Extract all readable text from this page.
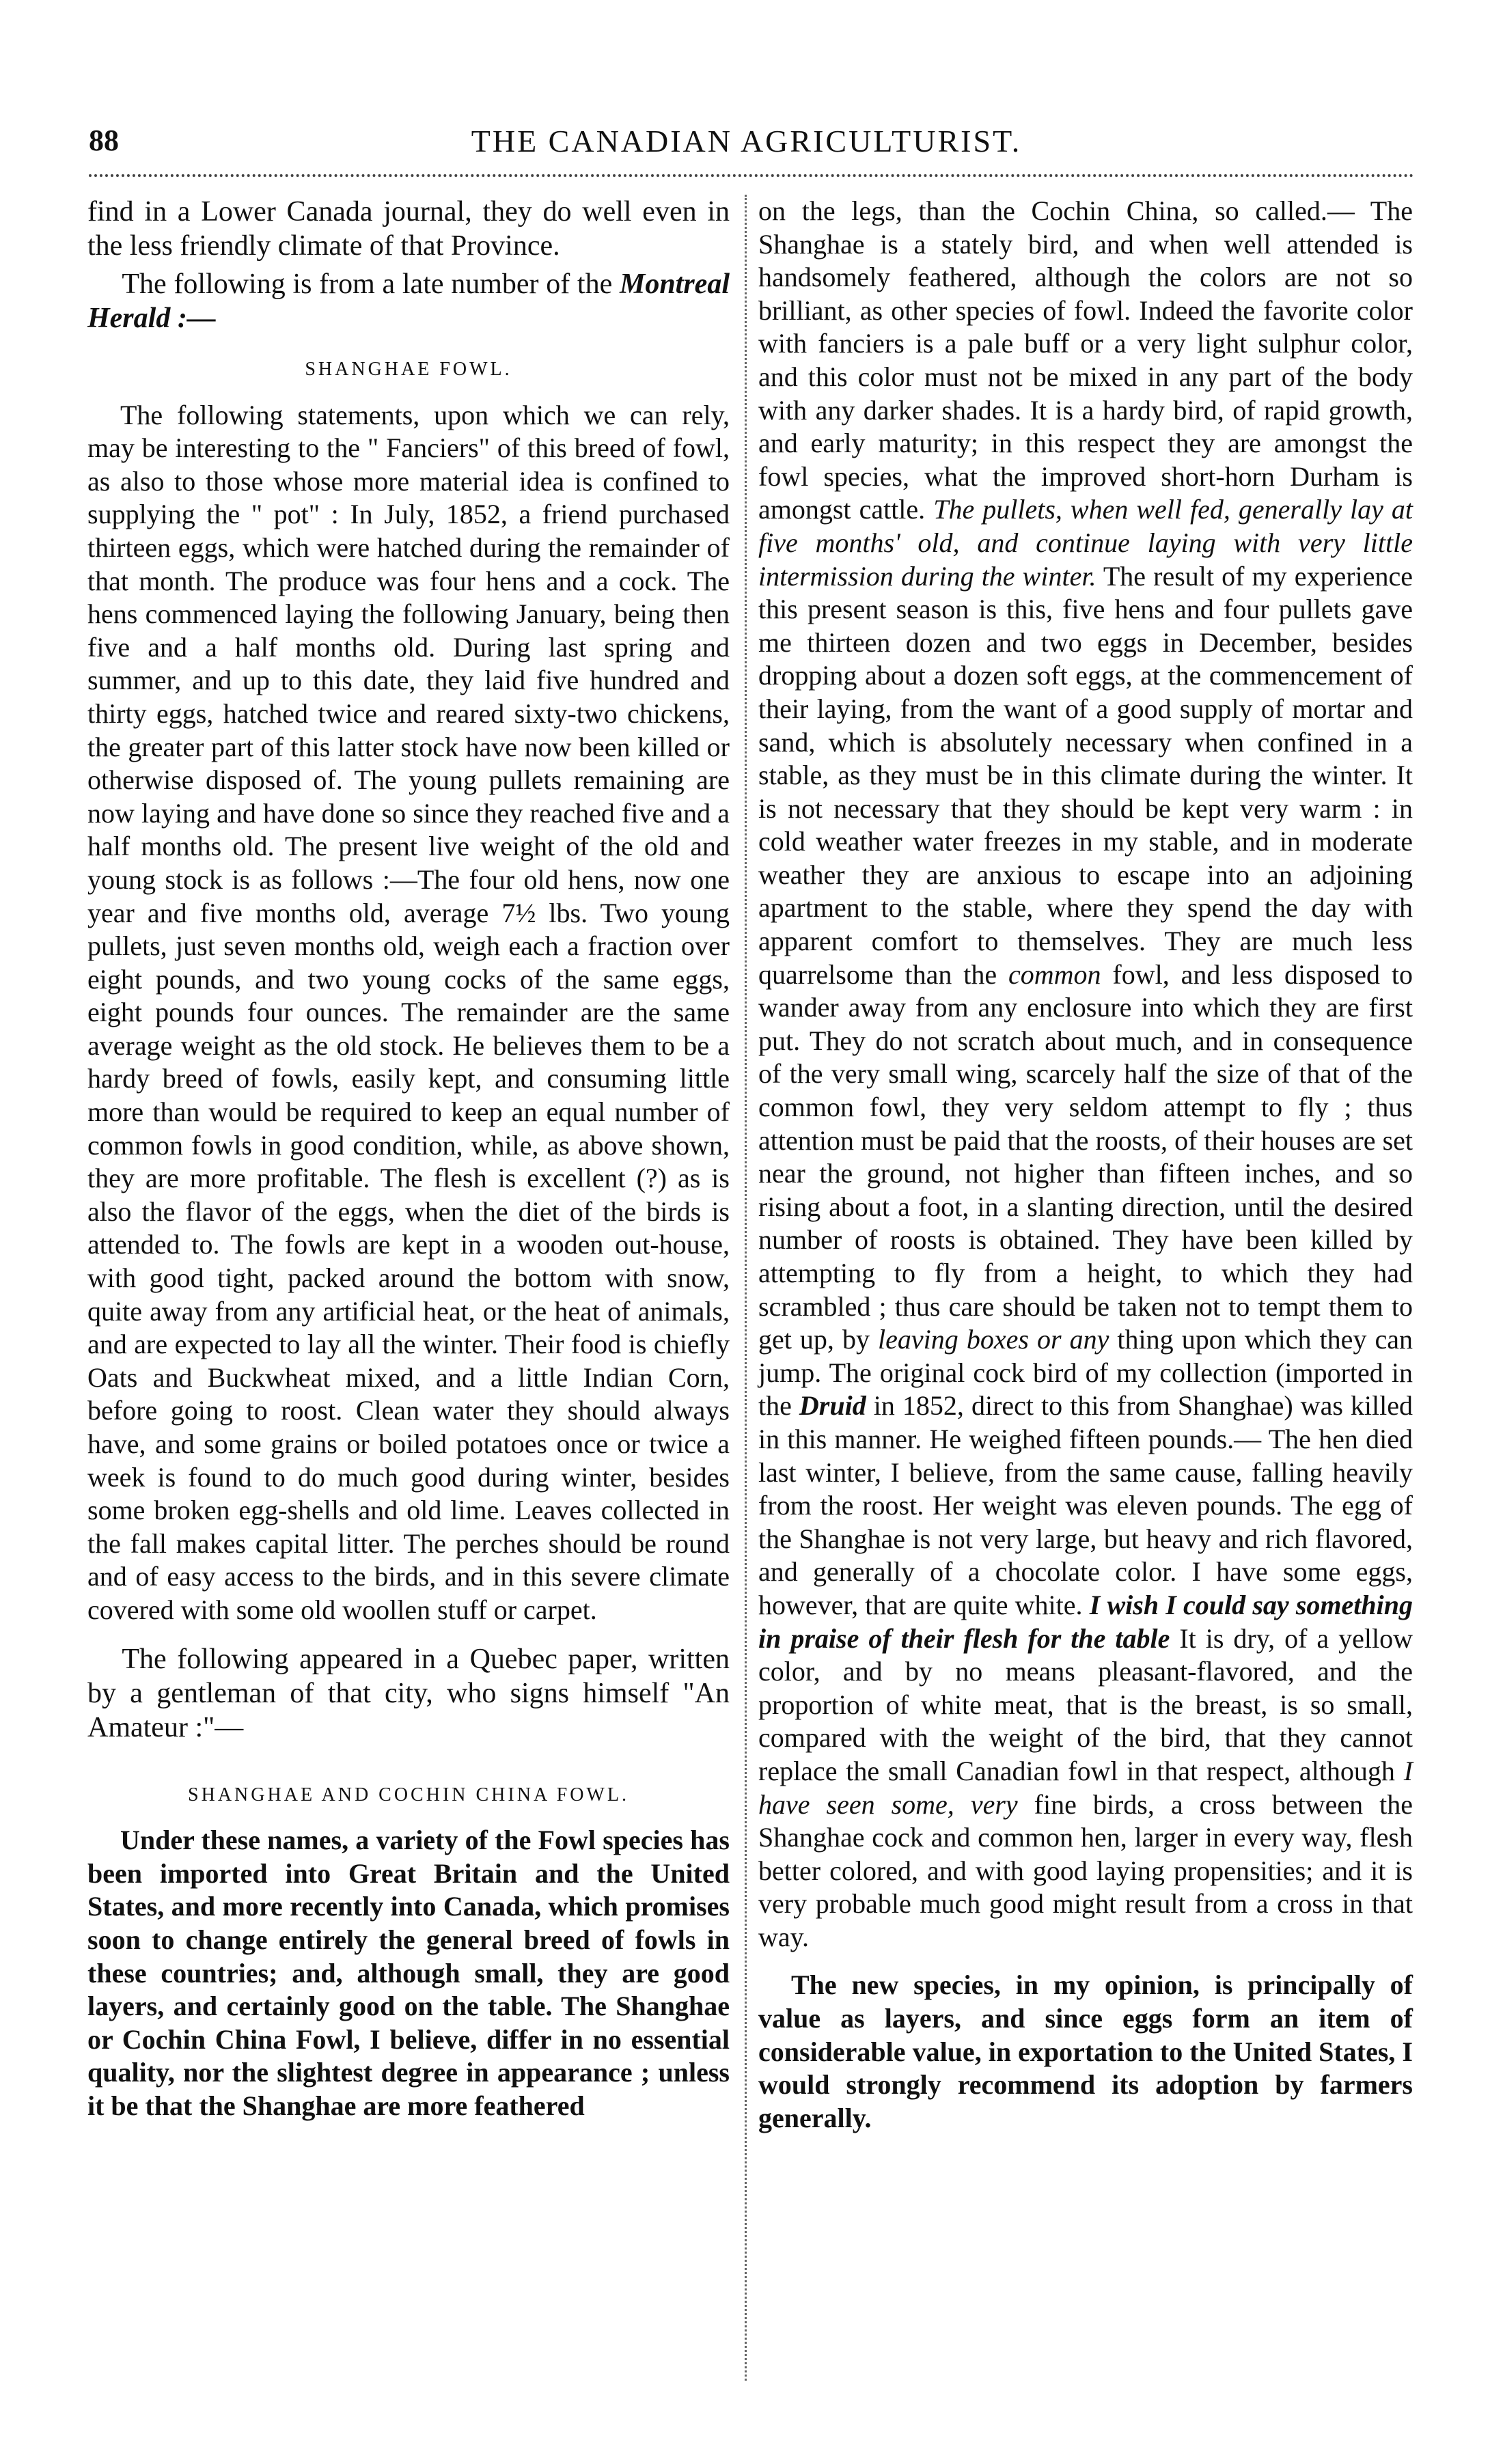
88	THE CANADIAN AGRICULTURIST.

find in a Lower Canada journal, they do well even in the less friendly climate of that Province.

The following is from a late number of the Montreal Herald :—

SHANGHAE FOWL.

The following statements, upon which we can rely, may be interesting to the " Fanciers" of this breed of fowl, as also to those whose more material idea is confined to supplying the " pot" : In July, 1852, a friend purchased thirteen eggs, which were hatched during the remainder of that month. The produce was four hens and a cock. The hens commenced laying the following January, being then five and a half months old. During last spring and summer, and up to this date, they laid five hundred and thirty eggs, hatched twice and reared sixty-two chickens, the greater part of this latter stock have now been killed or otherwise disposed of. The young pullets remaining are now laying and have done so since they reached five and a half months old. The present live weight of the old and young stock is as follows :—The four old hens, now one year and five months old, average 7½ lbs. Two young pullets, just seven months old, weigh each a fraction over eight pounds, and two young cocks of the same eggs, eight pounds four ounces. The remainder are the same average weight as the old stock. He believes them to be a hardy breed of fowls, easily kept, and consuming little more than would be required to keep an equal number of common fowls in good condition, while, as above shown, they are more profitable. The flesh is excellent (?) as is also the flavor of the eggs, when the diet of the birds is attended to. The fowls are kept in a wooden out-house, with good tight, packed around the bottom with snow, quite away from any artificial heat, or the heat of animals, and are expected to lay all the winter. Their food is chiefly Oats and Buckwheat mixed, and a little Indian Corn, before going to roost. Clean water they should always have, and some grains or boiled potatoes once or twice a week is found to do much good during winter, besides some broken egg-shells and old lime. Leaves collected in the fall makes capital litter. The perches should be round and of easy access to the birds, and in this severe climate covered with some old woollen stuff or carpet.

The following appeared in a Quebec paper, written by a gentleman of that city, who signs himself "An Amateur :"—

SHANGHAE AND COCHIN CHINA FOWL.

Under these names, a variety of the Fowl species has been imported into Great Britain and the United States, and more recently into Canada, which promises soon to change entirely the general breed of fowls in these countries; and, although small, they are good layers, and certainly good on the table. The Shanghae or Cochin China Fowl, I believe, differ in no essential quality, nor the slightest degree in appearance ; unless it be that the Shanghae are more feathered

on the legs, than the Cochin China, so called.— The Shanghae is a stately bird, and when well attended is handsomely feathered, although the colors are not so brilliant, as other species of fowl. Indeed the favorite color with fanciers is a pale buff or a very light sulphur color, and this color must not be mixed in any part of the body with any darker shades. It is a hardy bird, of rapid growth, and early maturity; in this respect they are amongst the fowl species, what the improved short-horn Durham is amongst cattle. The pullets, when well fed, generally lay at five months' old, and continue laying with very little intermission during the winter. The result of my experience this present season is this, five hens and four pullets gave me thirteen dozen and two eggs in December, besides dropping about a dozen soft eggs, at the commencement of their laying, from the want of a good supply of mortar and sand, which is absolutely necessary when confined in a stable, as they must be in this climate during the winter. It is not necessary that they should be kept very warm : in cold weather water freezes in my stable, and in moderate weather they are anxious to escape into an adjoining apartment to the stable, where they spend the day with apparent comfort to themselves. They are much less quarrelsome than the common fowl, and less disposed to wander away from any enclosure into which they are first put. They do not scratch about much, and in consequence of the very small wing, scarcely half the size of that of the common fowl, they very seldom attempt to fly ; thus attention must be paid that the roosts, of their houses are set near the ground, not higher than fifteen inches, and so rising about a foot, in a slanting direction, until the desired number of roosts is obtained. They have been killed by attempting to fly from a height, to which they had scrambled ; thus care should be taken not to tempt them to get up, by leaving boxes or any thing upon which they can jump. The original cock bird of my collection (imported in the Druid in 1852, direct to this from Shanghae) was killed in this manner. He weighed fifteen pounds.— The hen died last winter, I believe, from the same cause, falling heavily from the roost. Her weight was eleven pounds. The egg of the Shanghae is not very large, but heavy and rich flavored, and generally of a chocolate color. I have some eggs, however, that are quite white. I wish I could say something in praise of their flesh for the table It is dry, of a yellow color, and by no means pleasant-flavored, and the proportion of white meat, that is the breast, is so small, compared with the weight of the bird, that they cannot replace the small Canadian fowl in that respect, although I have seen some, very fine birds, a cross between the Shanghae cock and common hen, larger in every way, flesh better colored, and with good laying propensities; and it is very probable much good might result from a cross in that way.

The new species, in my opinion, is principally of value as layers, and since eggs form an item of considerable value, in exportation to the United States, I would strongly recommend its adoption by farmers generally.
